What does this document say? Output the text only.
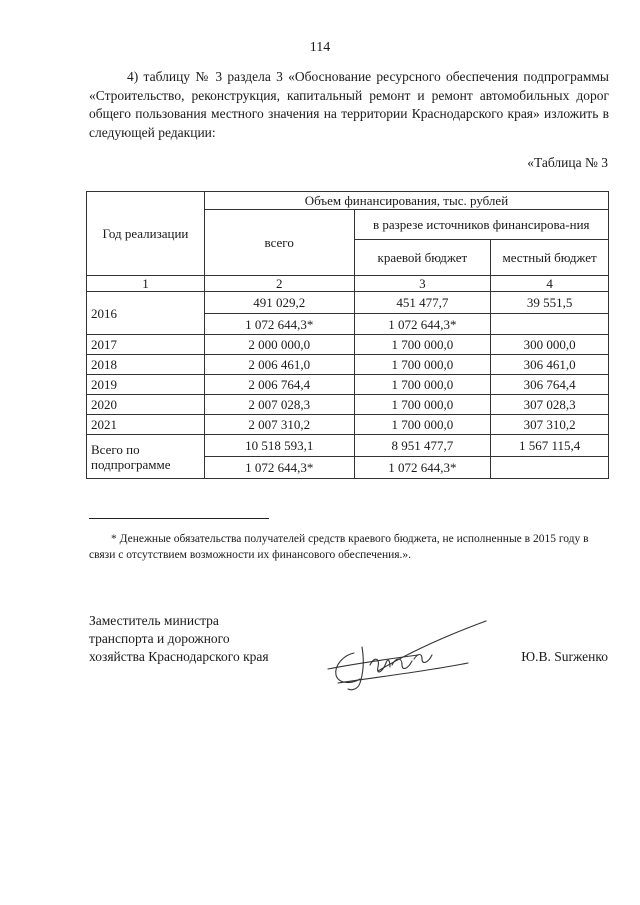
114
4) таблицу № 3 раздела 3 «Обоснование ресурсного обеспечения подпрограммы «Строительство, реконструкция, капитальный ремонт и ремонт автомобильных дорог общего пользования местного значения на территории Краснодарского края» изложить в следующей редакции:
«Таблица № 3
Год реализации	Объем финансирования, тыс. рублей		
	всего	в разрезе источников финансирова-ния	
		краевой бюджет	местный бюджет
1	2	3	4
2016	491 029,2	451 477,7	39 551,5
	1 072 644,3*	1 072 644,3*	
2017	2 000 000,0	1 700 000,0	300 000,0
2018	2 006 461,0	1 700 000,0	306 461,0
2019	2 006 764,4	1 700 000,0	306 764,4
2020	2 007 028,3	1 700 000,0	307 028,3
2021	2 007 310,2	1 700 000,0	307 310,2
Всего по подпрограмме	10 518 593,1	8 951 477,7	1 567 115,4
	1 072 644,3*	1 072 644,3*	
* Денежные обязательства получателей средств краевого бюджета, не исполненные в 2015 году в связи с отсутствием возможности их финансового обеспечения.».
Заместитель министра
транспорта и дорожного
хозяйства Краснодарского края	Ю.В. Surженко
